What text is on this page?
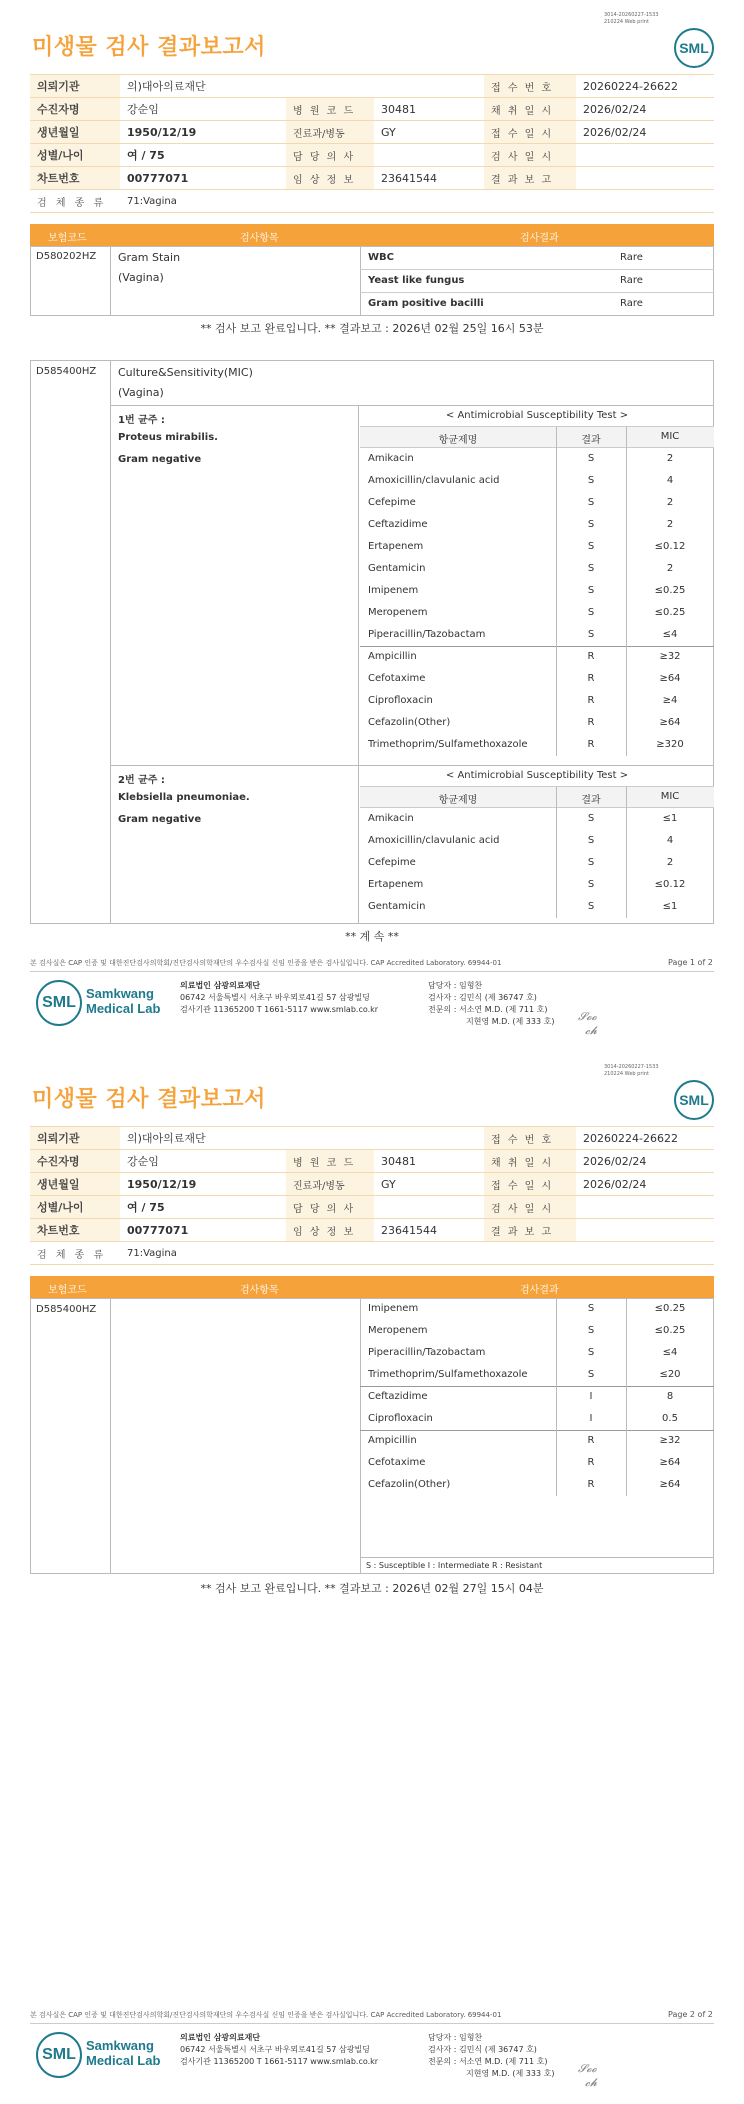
3014-20260227-1533
210224 Web print
미생물 검사 결과보고서	SML
의뢰기관	의)대아의료재단			접 수 번 호	20260224-26622
수진자명	강순임	병 원 코 드	30481	채 취 일 시	2026/02/24
생년월일	1950/12/19	진료과/병동	GY	접 수 일 시	2026/02/24
성별/나이	여 / 75	담 당 의 사		검 사 일 시	
차트번호	00777071	임 상 정 보	23641544	결 과 보 고	
검 체 종 류	71:Vagina				
보험코드	검사항목	검사결과
D580202HZ Gram Stain
(Vagina)
WBC	Rare
Yeast like fungus	Rare
Gram positive bacilli	Rare
** 검사 보고 완료입니다. ** 결과보고 : 2026년 02월 25일 16시 53분
D585400HZ Culture&Sensitivity(MIC)
(Vagina)
1번 균주 :
Proteus mirabilis.
Gram negative
< Antimicrobial Susceptibility Test >
항균제명	결과	MIC
Amikacin	S	2
Amoxicillin/clavulanic acid	S	4
Cefepime	S	2
Ceftazidime	S	2
Ertapenem	S	≤0.12
Gentamicin	S	2
Imipenem	S	≤0.25
Meropenem	S	≤0.25
Piperacillin/Tazobactam	S	≤4
Ampicillin	R	≥32
Cefotaxime	R	≥64
Ciprofloxacin	R	≥4
Cefazolin(Other)	R	≥64
Trimethoprim/Sulfamethoxazole	R	≥320
2번 균주 :
Klebsiella pneumoniae.
Gram negative
< Antimicrobial Susceptibility Test >
항균제명	결과	MIC
Amikacin	S	≤1
Amoxicillin/clavulanic acid	S	4
Cefepime	S	2
Ertapenem	S	≤0.12
Gentamicin	S	≤1
** 계 속 **
본 검사실은 CAP 인증 및 대한진단검사의학회/진단검사의학재단의 우수검사실 신임 인증을 받은 검사실입니다. CAP Accredited Laboratory. 69944-01	Page 1 of 2
SML
Samkwang
Medical Lab
의료법인 삼광의료재단
06742 서울특별시 서초구 바우뫼로41길 57 삼광빌딩
검사기관 11365200 T 1661-5117 www.smlab.co.kr
담당자 : 임형찬
검사자 : 김민식 (제 36747 호)
전문의 : 서소연 M.D. (제 711 호)
지현영 M.D. (제 333 호) 𝓢𝓸𝓸
𝓬𝓱
3014-20260227-1533
210224 Web print
미생물 검사 결과보고서	SML
의뢰기관	의)대아의료재단			접 수 번 호	20260224-26622
수진자명	강순임	병 원 코 드	30481	채 취 일 시	2026/02/24
생년월일	1950/12/19	진료과/병동	GY	접 수 일 시	2026/02/24
성별/나이	여 / 75	담 당 의 사		검 사 일 시	
차트번호	00777071	임 상 정 보	23641544	결 과 보 고	
검 체 종 류	71:Vagina				
보험코드	검사항목	검사결과
D585400HZ	Imipenem	S	≤0.25
Meropenem	S	≤0.25
Piperacillin/Tazobactam	S	≤4
Trimethoprim/Sulfamethoxazole	S	≤20
Ceftazidime	I	8
Ciprofloxacin	I	0.5
Ampicillin	R	≥32
Cefotaxime	R	≥64
Cefazolin(Other)	R	≥64
S : Susceptible I : Intermediate R : Resistant
** 검사 보고 완료입니다. ** 결과보고 : 2026년 02월 27일 15시 04분
본 검사실은 CAP 인증 및 대한진단검사의학회/진단검사의학재단의 우수검사실 신임 인증을 받은 검사실입니다. CAP Accredited Laboratory. 69944-01	Page 2 of 2
SML
Samkwang
Medical Lab
의료법인 삼광의료재단
06742 서울특별시 서초구 바우뫼로41길 57 삼광빌딩
검사기관 11365200 T 1661-5117 www.smlab.co.kr
담당자 : 임형찬
검사자 : 김민식 (제 36747 호)
전문의 : 서소연 M.D. (제 711 호)
지현영 M.D. (제 333 호) 𝓢𝓸𝓸
𝓬𝓱
